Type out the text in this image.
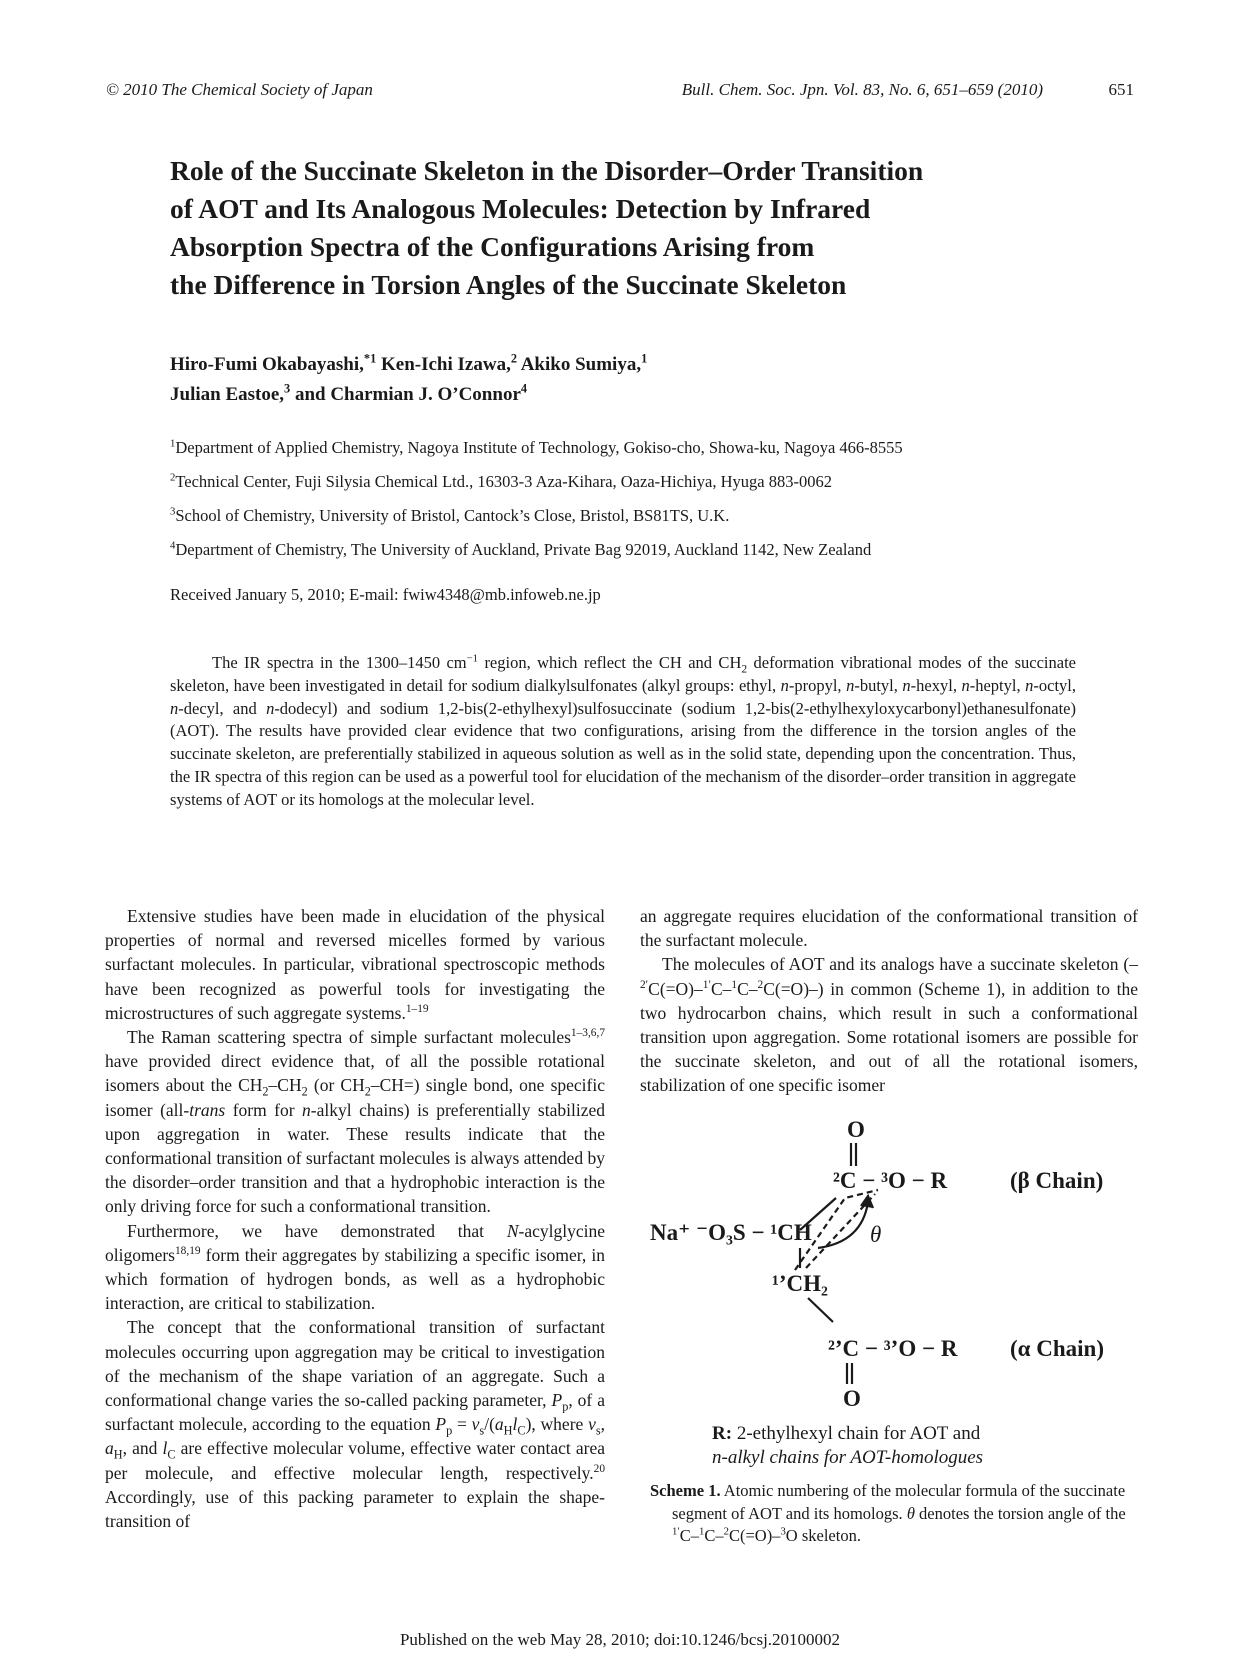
© 2010 The Chemical Society of Japan	Bull. Chem. Soc. Jpn. Vol. 83, No. 6, 651–659 (2010)	651
Role of the Succinate Skeleton in the Disorder–Order Transition
of AOT and Its Analogous Molecules: Detection by Infrared
Absorption Spectra of the Configurations Arising from
the Difference in Torsion Angles of the Succinate Skeleton
Hiro-Fumi Okabayashi,$^{*1}$ Ken-Ichi Izawa,$^2$ Akiko Sumiya,$^1$
Julian Eastoe,$^3$ and Charmian J. O’Connor$^4$
$^1$Department of Applied Chemistry, Nagoya Institute of Technology, Gokiso-cho, Showa-ku, Nagoya 466-8555
$^2$Technical Center, Fuji Silysia Chemical Ltd., 16303-3 Aza-Kihara, Oaza-Hichiya, Hyuga 883-0062
$^3$School of Chemistry, University of Bristol, Cantock’s Close, Bristol, BS81TS, U.K.
$^4$Department of Chemistry, The University of Auckland, Private Bag 92019, Auckland 1142, New Zealand
Received January 5, 2010; E-mail: fwiw4348@mb.infoweb.ne.jp

The IR spectra in the 1300–1450 $cm^{-1}$ region, which reflect the CH and $CH_2$ deformation vibrational modes of the succinate skeleton, have been investigated in detail for sodium dialkylsulfonates (alkyl groups: ethyl, n-propyl, n-butyl, n-hexyl, n-heptyl, n-octyl, n-decyl, and n-dodecyl) and sodium 1,2-bis(2-ethylhexyl)sulfosuccinate (sodium 1,2-bis(2-ethylhexyloxycarbonyl)ethanesulfonate) (AOT). The results have provided clear evidence that two configurations, arising from the difference in the torsion angles of the succinate skeleton, are preferentially stabilized in aqueous solution as well as in the solid state, depending upon the concentration. Thus, the IR spectra of this region can be used as a powerful tool for elucidation of the mechanism of the disorder–order transition in aggregate systems of AOT or its homologs at the molecular level.

Extensive studies have been made in elucidation of the physical properties of normal and reversed micelles formed by various surfactant molecules. In particular, vibrational spectroscopic methods have been recognized as powerful tools for investigating the microstructures of such aggregate systems.$^{1-19}$

The Raman scattering spectra of simple surfactant molecules$^{1-3,6,7}$ have provided direct evidence that, of all the possible rotational isomers about the $CH_2-CH_2$ (or $CH_2-CH=$) single bond, one specific isomer (all-trans form for n-alkyl chains) is preferentially stabilized upon aggregation in water. These results indicate that the conformational transition of surfactant molecules is always attended by the disorder–order transition and that a hydrophobic interaction is the only driving force for such a conformational transition.

Furthermore, we have demonstrated that N-acylglycine oligomers$^{18,19}$ form their aggregates by stabilizing a specific isomer, in which formation of hydrogen bonds, as well as a hydrophobic interaction, are critical to stabilization.

The concept that the conformational transition of surfactant molecules occurring upon aggregation may be critical to investigation of the mechanism of the shape variation of an aggregate. Such a conformational change varies the so-called packing parameter, $P_p$, of a surfactant molecule, according to the equation $P_p = v_s/(a_Hl_C)$, where $v_s$, $a_H$, and $l_C$ are effective molecular volume, effective water contact area per molecule, and effective molecular length, respectively.$^{20}$ Accordingly, use of this packing parameter to explain the shape-transition of

an aggregate requires elucidation of the conformational transition of the surfactant molecule.

The molecules of AOT and its analogs have a succinate skeleton (–$^{2'}$C(=O)–$^{1'}$C–$^1$C–$^2$C(=O)–) in common (Scheme 1), in addition to the two hydrocarbon chains, which result in such a conformational transition upon aggregation. Some rotational isomers are possible for the succinate skeleton, and out of all the rotational isomers, stabilization of one specific isomer

O
²C − ³O − R	(β Chain)
Na⁺ ⁻O₃S − ¹CH	θ
¹’CH₂
²’C − ³’O − R (α Chain)
O
R: 2-ethylhexyl chain for AOT and
n-alkyl chains for AOT-homologues
Scheme 1. Atomic numbering of the molecular formula of the succinate segment of AOT and its homologs. θ denotes the torsion angle of the $^{1'}$C–$^1$C–$^2$C(=O)–$^3$O skeleton.
Published on the web May 28, 2010; doi:10.1246/bcsj.20100002
